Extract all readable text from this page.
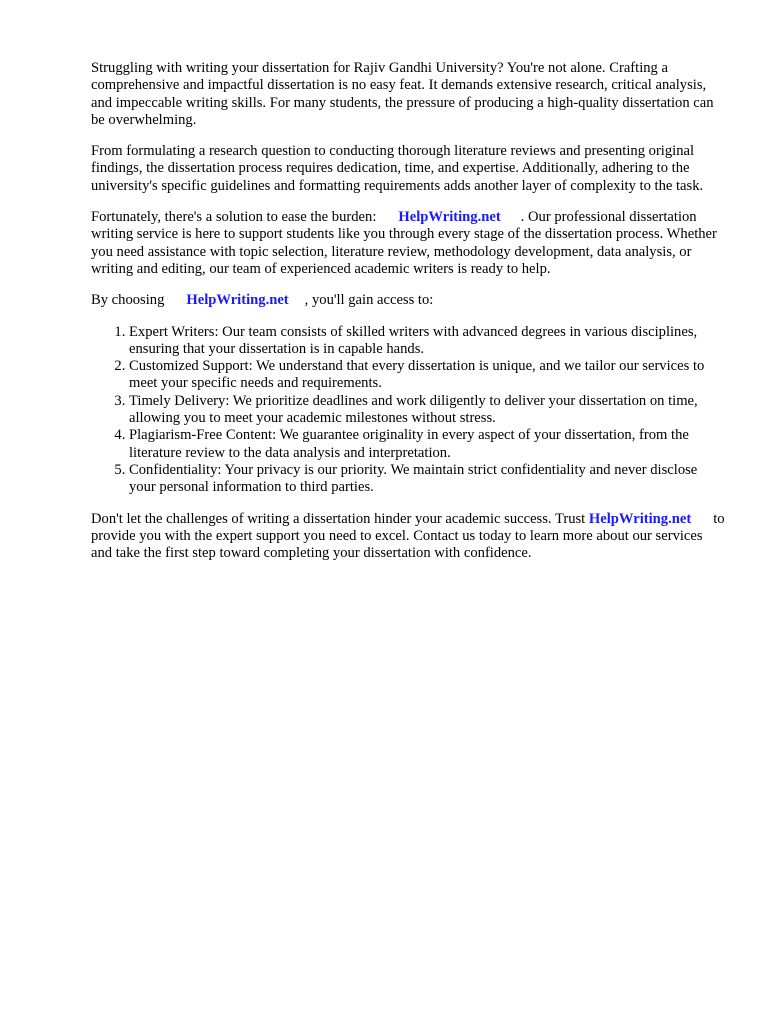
Struggling with writing your dissertation for Rajiv Gandhi University? You're not alone. Crafting a comprehensive and impactful dissertation is no easy feat. It demands extensive research, critical analysis, and impeccable writing skills. For many students, the pressure of producing a high-quality dissertation can be overwhelming.

From formulating a research question to conducting thorough literature reviews and presenting original findings, the dissertation process requires dedication, time, and expertise. Additionally, adhering to the university's specific guidelines and formatting requirements adds another layer of complexity to the task.

Fortunately, there's a solution to ease the burden: HelpWriting.net . Our professional dissertation writing service is here to support students like you through every stage of the dissertation process. Whether you need assistance with topic selection, literature review, methodology development, data analysis, or writing and editing, our team of experienced academic writers is ready to help.

By choosing HelpWriting.net , you'll gain access to:

1. Expert Writers: Our team consists of skilled writers with advanced degrees in various disciplines, ensuring that your dissertation is in capable hands.
2. Customized Support: We understand that every dissertation is unique, and we tailor our services to meet your specific needs and requirements.
3. Timely Delivery: We prioritize deadlines and work diligently to deliver your dissertation on time, allowing you to meet your academic milestones without stress.
4. Plagiarism-Free Content: We guarantee originality in every aspect of your dissertation, from the literature review to the data analysis and interpretation.
5. Confidentiality: Your privacy is our priority. We maintain strict confidentiality and never disclose your personal information to third parties.

Don't let the challenges of writing a dissertation hinder your academic success. Trust HelpWriting.net to provide you with the expert support you need to excel. Contact us today to learn more about our services and take the first step toward completing your dissertation with confidence.
